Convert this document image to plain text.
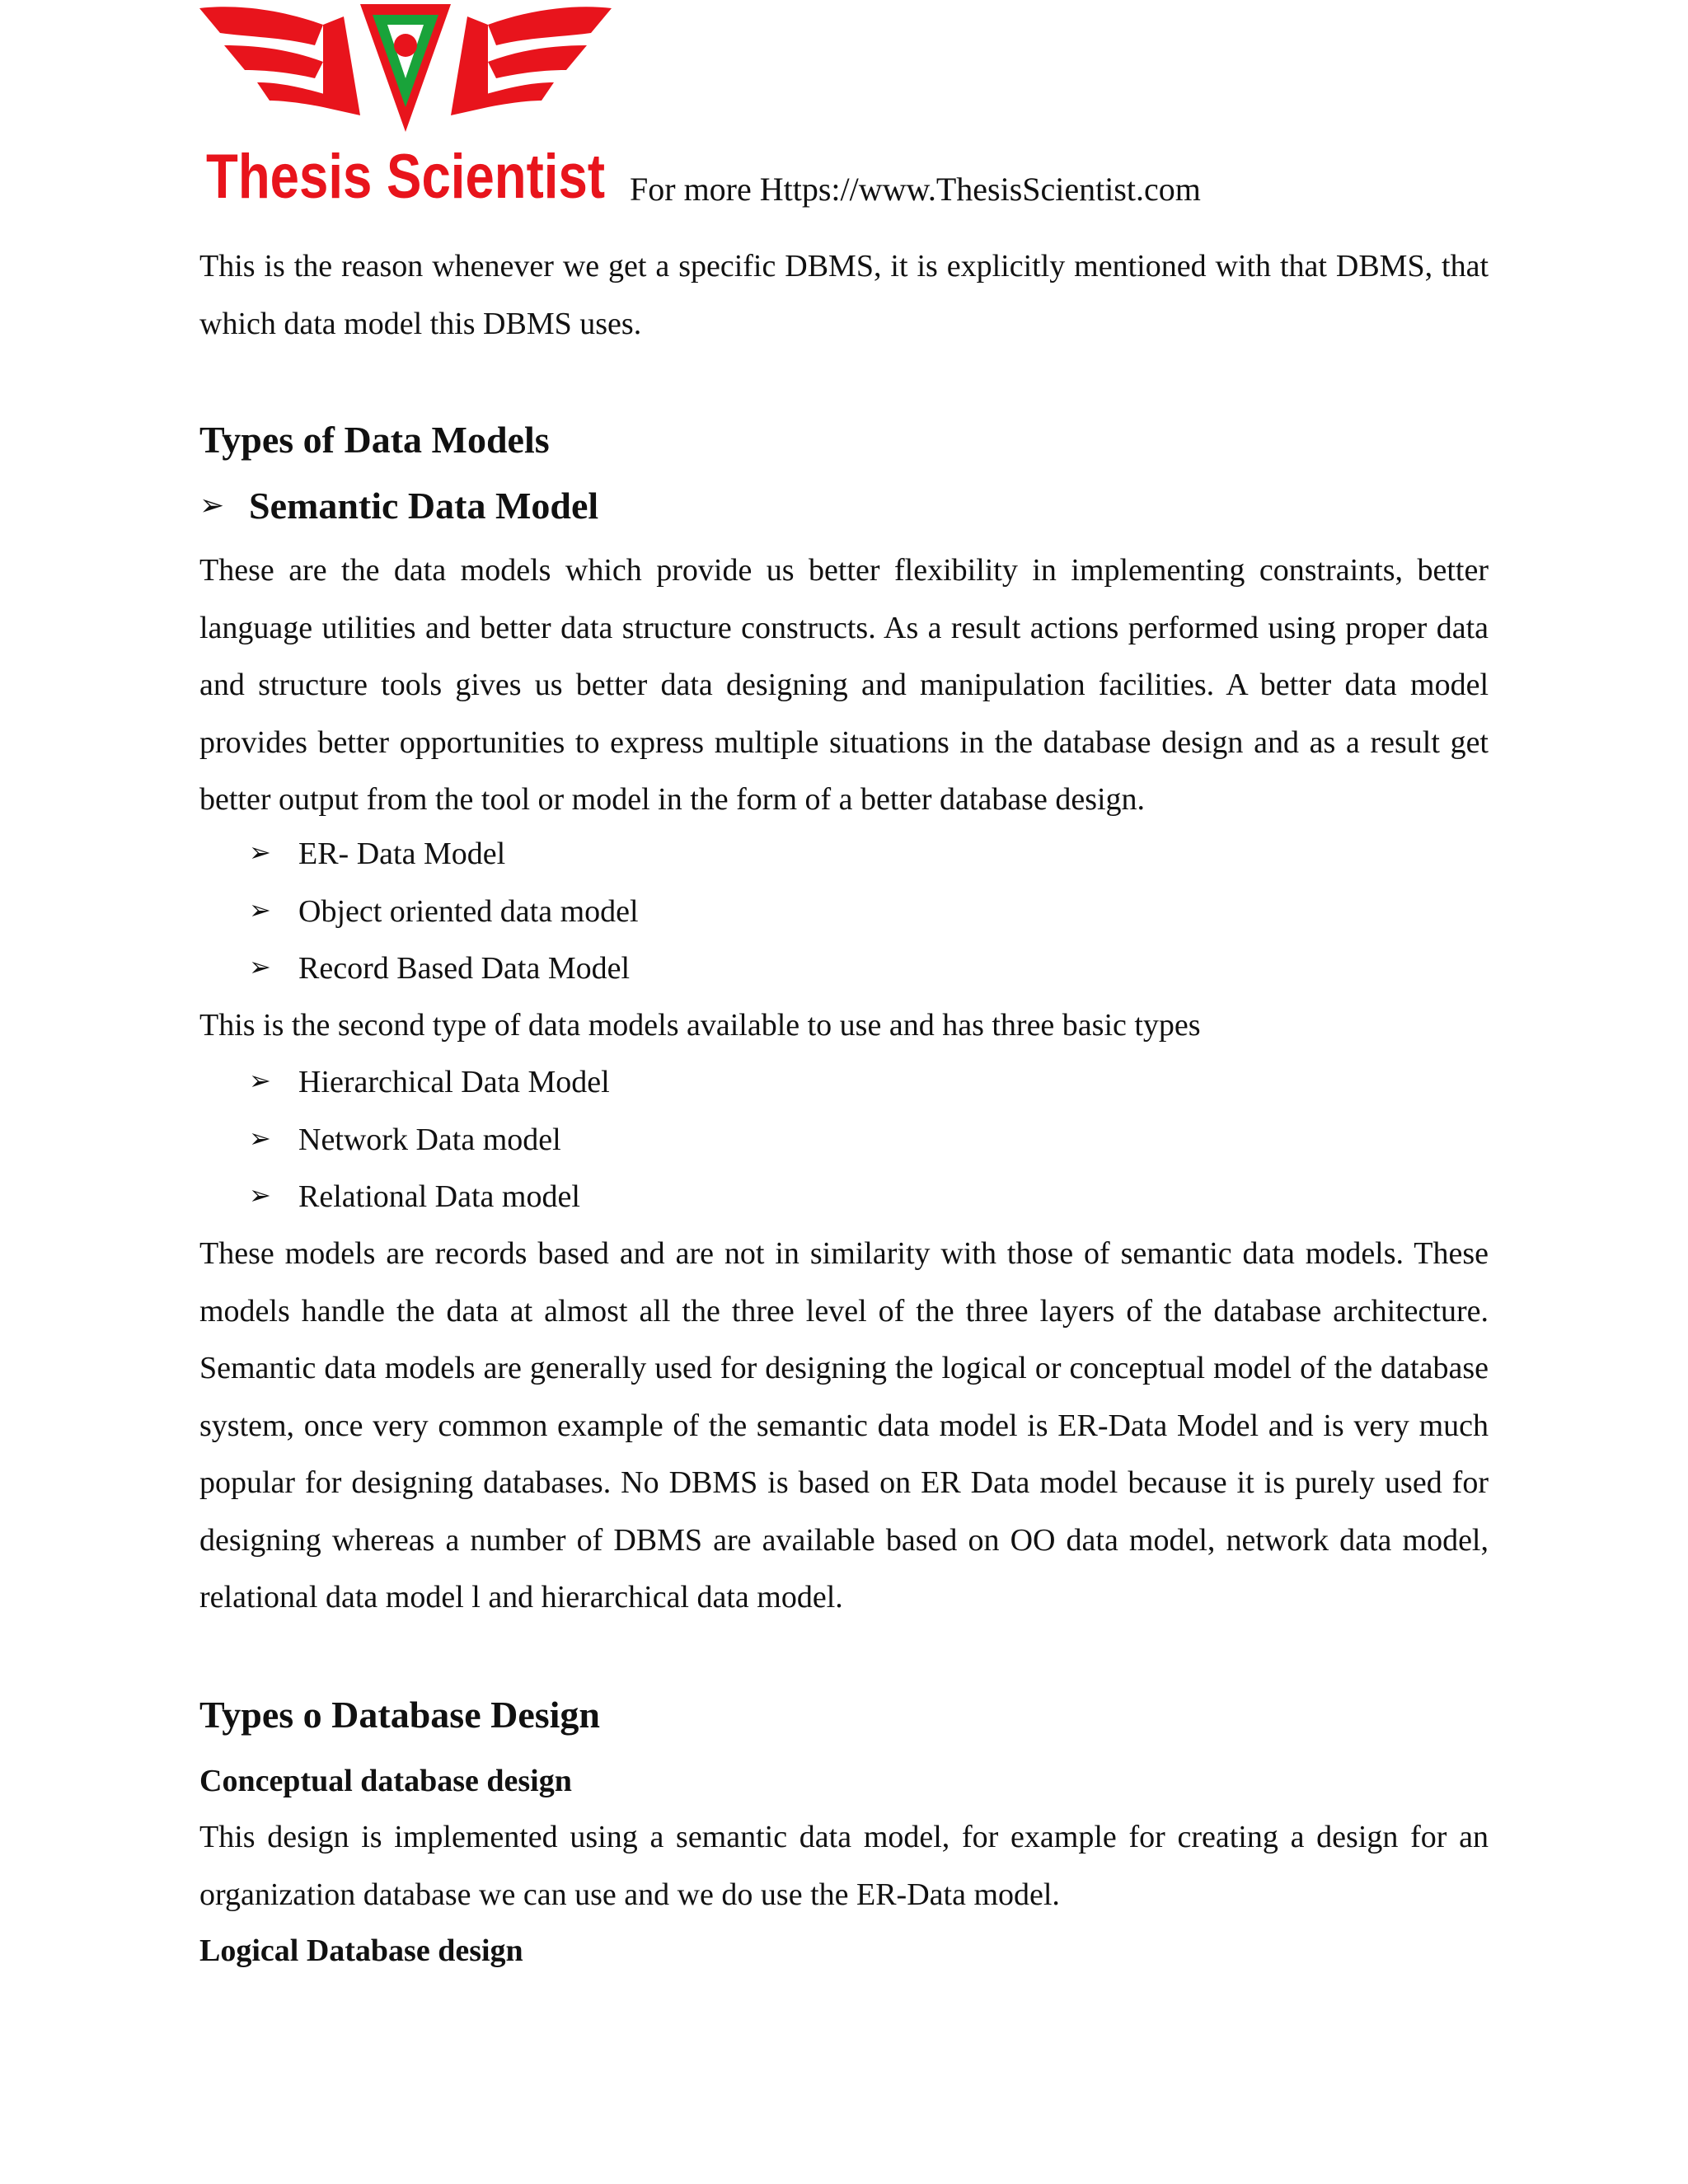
Thesis Scientist For more Https://www.ThesisScientist.com

This is the reason whenever we get a specific DBMS, it is explicitly mentioned with that DBMS, that which data model this DBMS uses.

Types of Data Models
➢ Semantic Data Model

These are the data models which provide us better flexibility in implementing constraints, better language utilities and better data structure constructs. As a result actions performed using proper data and structure tools gives us better data designing and manipulation facilities. A better data model provides better opportunities to express multiple situations in the database design and as a result get better output from the tool or model in the form of a better database design.

➢ ER- Data Model
➢ Object oriented data model
➢ Record Based Data Model

This is the second type of data models available to use and has three basic types

➢ Hierarchical Data Model
➢ Network Data model
➢ Relational Data model

These models are records based and are not in similarity with those of semantic data models. These models handle the data at almost all the three level of the three layers of the database architecture. Semantic data models are generally used for designing the logical or conceptual model of the database system, once very common example of the semantic data model is ER-Data Model and is very much popular for designing databases. No DBMS is based on ER Data model because it is purely used for designing whereas a number of DBMS are available based on OO data model, network data model, relational data model l and hierarchical data model.

Types o Database Design
Conceptual database design

This design is implemented using a semantic data model, for example for creating a design for an organization database we can use and we do use the ER-Data model.

Logical Database design
